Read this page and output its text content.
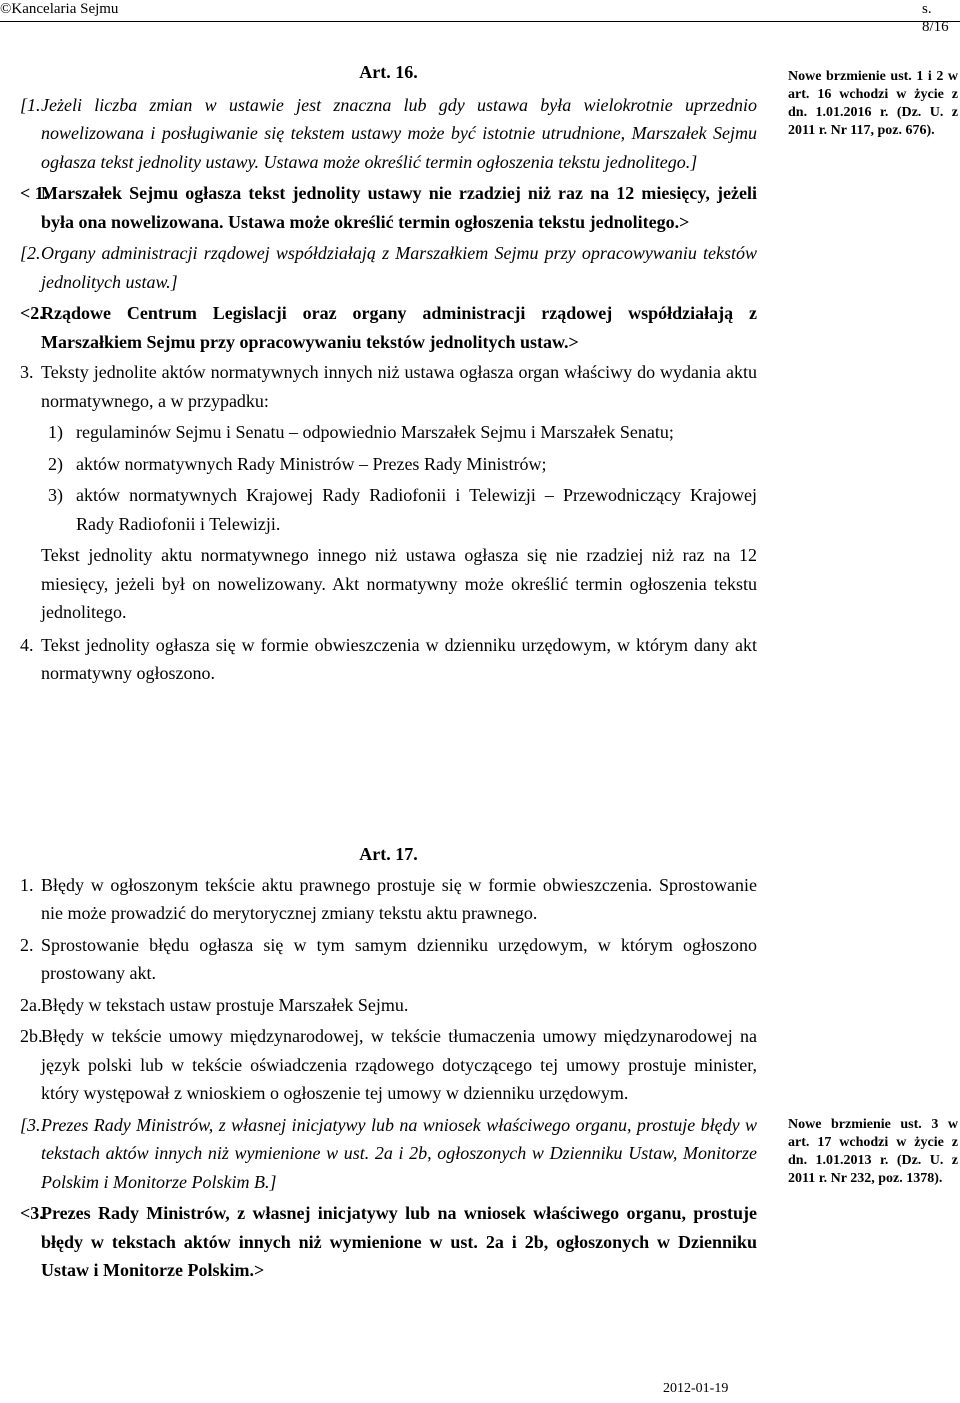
©Kancelaria Sejmu	s. 8/16
Art. 16.
[1. Jeżeli liczba zmian w ustawie jest znaczna lub gdy ustawa była wielokrotnie uprzednio nowelizowana i posługiwanie się tekstem ustawy może być istotnie utrudnione, Marszałek Sejmu ogłasza tekst jednolity ustawy. Ustawa może określić termin ogłoszenia tekstu jednolitego.]
< 1.
Marszałek Sejmu ogłasza tekst jednolity ustawy nie rzadziej niż raz na 12 miesięcy, jeżeli była ona nowelizowana. Ustawa może określić termin ogłoszenia tekstu jednolitego.>
[2. Organy administracji rządowej współdziałają z Marszałkiem Sejmu przy opracowywaniu tekstów jednolitych ustaw.]
<2.
Rządowe Centrum Legislacji oraz organy administracji rządowej współdziałają z Marszałkiem Sejmu przy opracowywaniu tekstów jednolitych ustaw.>
3. Teksty jednolite aktów normatywnych innych niż ustawa ogłasza organ właściwy do wydania aktu normatywnego, a w przypadku:
1) regulaminów Sejmu i Senatu – odpowiednio Marszałek Sejmu i Marszałek Senatu;
2) aktów normatywnych Rady Ministrów – Prezes Rady Ministrów;
3) aktów normatywnych Krajowej Rady Radiofonii i Telewizji – Przewodniczący Krajowej Rady Radiofonii i Telewizji.
Tekst jednolity aktu normatywnego innego niż ustawa ogłasza się nie rzadziej niż raz na 12 miesięcy, jeżeli był on nowelizowany. Akt normatywny może określić termin ogłoszenia tekstu jednolitego.
4. Tekst jednolity ogłasza się w formie obwieszczenia w dzienniku urzędowym, w którym dany akt normatywny ogłoszono.
Art. 17.
1. Błędy w ogłoszonym tekście aktu prawnego prostuje się w formie obwieszczenia. Sprostowanie nie może prowadzić do merytorycznej zmiany tekstu aktu prawnego.
2. Sprostowanie błędu ogłasza się w tym samym dzienniku urzędowym, w którym ogłoszono prostowany akt.
2a. Błędy w tekstach ustaw prostuje Marszałek Sejmu.
2b.
Błędy w tekście umowy międzynarodowej, w tekście tłumaczenia umowy międzynarodowej na język polski lub w tekście oświadczenia rządowego dotyczącego tej umowy prostuje minister, który występował z wnioskiem o ogłoszenie tej umowy w dzienniku urzędowym.
[3. Prezes Rady Ministrów, z własnej inicjatywy lub na wniosek właściwego organu, prostuje błędy w tekstach aktów innych niż wymienione w ust. 2a i 2b, ogłoszonych w Dzienniku Ustaw, Monitorze Polskim i Monitorze Polskim B.]
<3.
Prezes Rady Ministrów, z własnej inicjatywy lub na wniosek właściwego organu, prostuje błędy w tekstach aktów innych niż wymienione w ust. 2a i 2b, ogłoszonych w Dzienniku Ustaw i Monitorze Polskim.>
Nowe brzmienie ust. 1 i 2 w art. 16 wchodzi w życie z dn. 1.01.2016 r. (Dz. U. z 2011 r. Nr 117, poz. 676).
Nowe brzmienie ust. 3 w art. 17 wchodzi w życie z dn. 1.01.2013 r. (Dz. U. z 2011 r. Nr 232, poz. 1378).
2012-01-19
